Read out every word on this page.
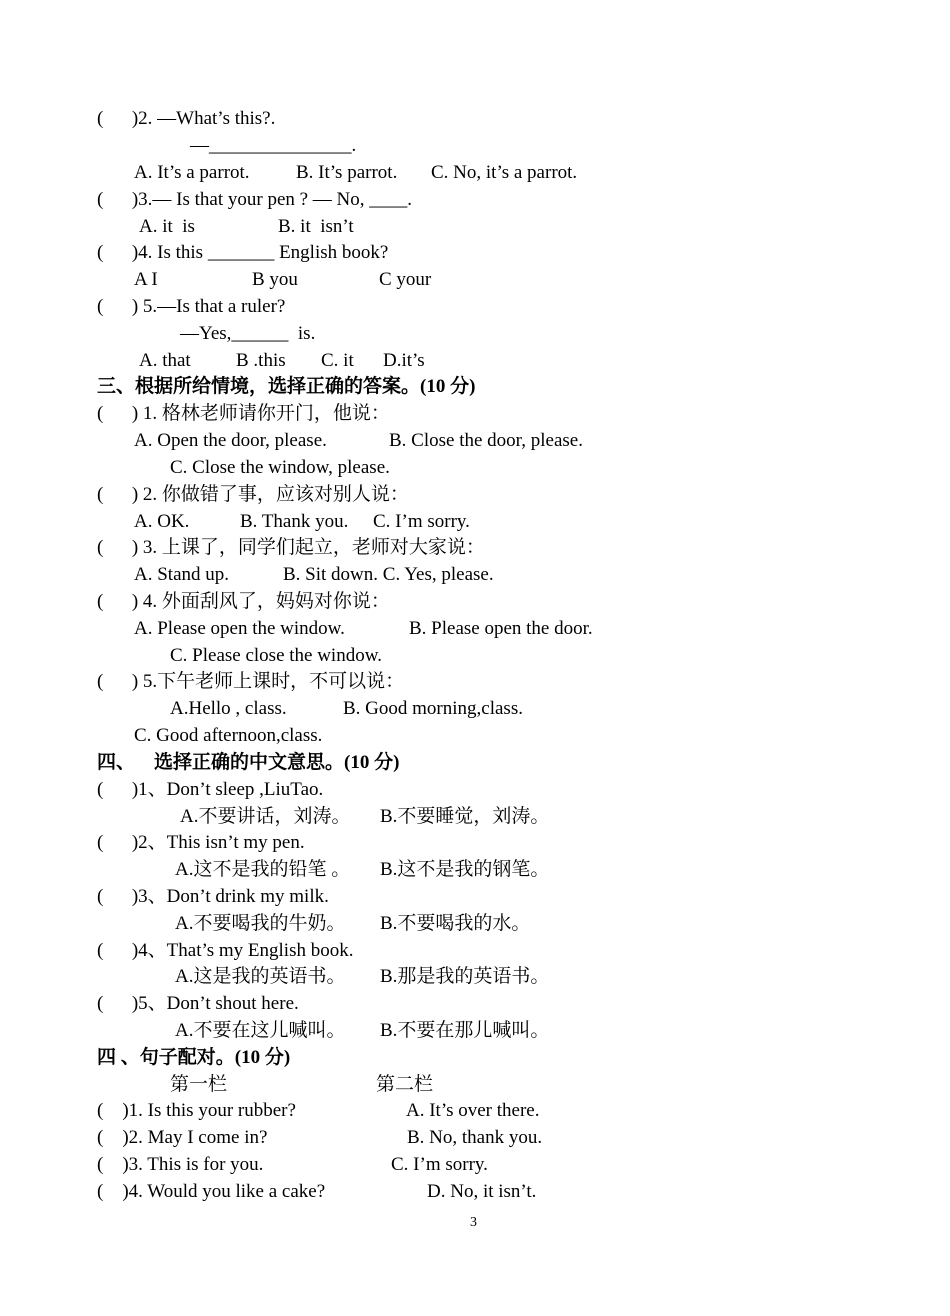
(      )2. —What’s this?.
—_______________.
A. It’s a parrot. B. It’s parrot. C. No, it’s a parrot.
(      )3.— Is that your pen ? — No, ____.
A. it  is	B. it  isn’t
(      )4. Is this _______ English book?
A I	B you	C your
(      ) 5.—Is that a ruler?
—Yes,______  is.
A. that B .this C. it D.it’s
三、根据所给情境，选择正确的答案。(10 分)
(      ) 1. 格林老师请你开门，他说：
A. Open the door, please.	B. Close the door, please.
C. Close the window, please.
(      ) 2. 你做错了事，应该对别人说：
A. OK.	B. Thank you. C. I’m sorry.
(      ) 3. 上课了，同学们起立，老师对大家说：
A. Stand up.	B. Sit down. C. Yes, please.
(      ) 4. 外面刮风了，妈妈对你说：
A. Please open the window.	B. Please open the door.
C. Please close the window.
(      ) 5.下午老师上课时，不可以说：
A.Hello , class.	B. Good morning,class.
C. Good afternoon,class.
四、    选择正确的中文意思。(10 分)
(      )1、Don’t sleep ,LiuTao.
A.不要讲话，刘涛。 B.不要睡觉，刘涛。
(      )2、This isn’t my pen.
A.这不是我的铅笔 。 B.这不是我的钢笔。
(      )3、Don’t drink my milk.
A.不要喝我的牛奶。 B.不要喝我的水。
(      )4、That’s my English book.
A.这是我的英语书。 B.那是我的英语书。
(      )5、Don’t shout here.
A.不要在这儿喊叫。 B.不要在那儿喊叫。
四 、句子配对。(10 分)
第一栏	第二栏
(    )1. Is this your rubber?	A. It’s over there.
(    )2. May I come in?	B. No, thank you.
(    )3. This is for you.	C. I’m sorry.
(    )4. Would you like a cake?	D. No, it isn’t.
3
